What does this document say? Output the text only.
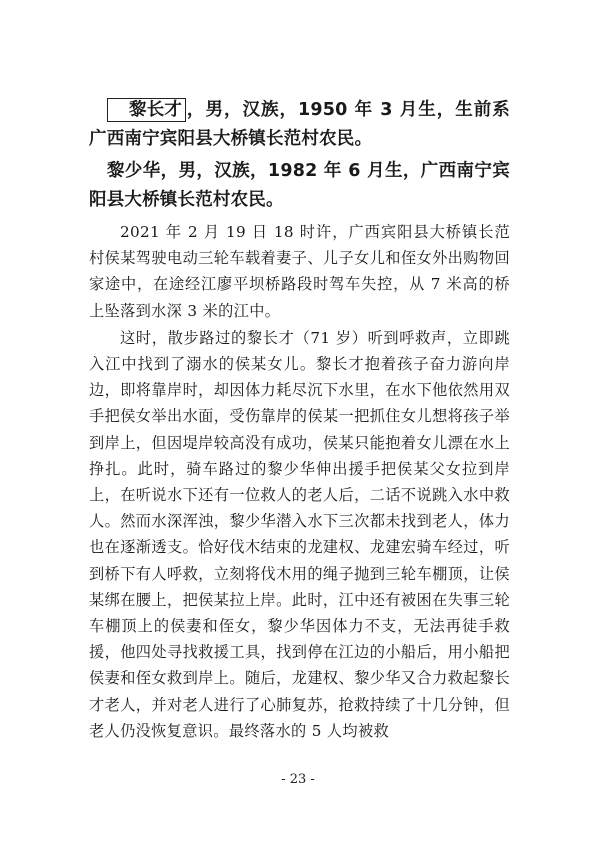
黎长才 ，男，汉族，1950 年 3 月生，生前系广西南宁宾阳县大桥镇长范村农民。

黎少华，男，汉族，1982 年 6 月生，广西南宁宾阳县大桥镇长范村农民。

2021 年 2 月 19 日 18 时许，广西宾阳县大桥镇长范村侯某驾驶电动三轮车载着妻子、儿子女儿和侄女外出购物回家途中，在途经江廖平坝桥路段时驾车失控，从 7 米高的桥上坠落到水深 3 米的江中。

这时，散步路过的黎长才（71 岁）听到呼救声，立即跳入江中找到了溺水的侯某女儿。黎长才抱着孩子奋力游向岸边，即将靠岸时，却因体力耗尽沉下水里，在水下他依然用双手把侯女举出水面，受伤靠岸的侯某一把抓住女儿想将孩子举到岸上，但因堤岸较高没有成功，侯某只能抱着女儿漂在水上挣扎。此时，骑车路过的黎少华伸出援手把侯某父女拉到岸上，在听说水下还有一位救人的老人后，二话不说跳入水中救人。然而水深浑浊，黎少华潜入水下三次都未找到老人，体力也在逐渐透支。恰好伐木结束的龙建权、龙建宏骑车经过，听到桥下有人呼救，立刻将伐木用的绳子抛到三轮车棚顶，让侯某绑在腰上，把侯某拉上岸。此时，江中还有被困在失事三轮车棚顶上的侯妻和侄女，黎少华因体力不支，无法再徒手救援，他四处寻找救援工具，找到停在江边的小船后，用小船把侯妻和侄女救到岸上。随后，龙建权、黎少华又合力救起黎长才老人，并对老人进行了心肺复苏，抢救持续了十几分钟，但老人仍没恢复意识。最终落水的 5 人均被救

- 23 -
